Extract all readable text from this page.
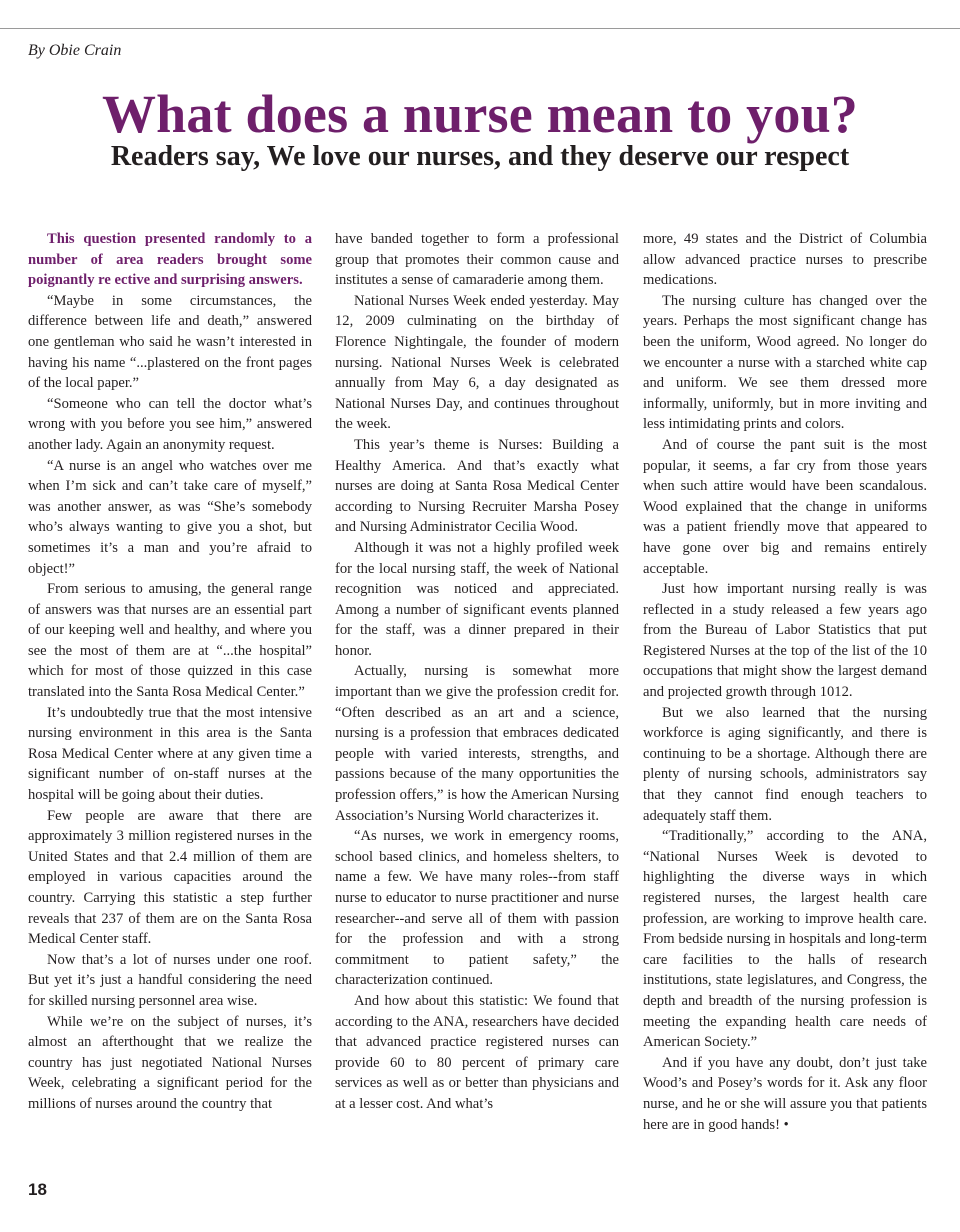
By Obie Crain
What does a nurse mean to you?
Readers say, We love our nurses, and they deserve our respect

This question presented randomly to a number of area readers brought some poignantly re ective and surprising answers.

“Maybe in some circumstances, the difference between life and death,” answered one gentleman who said he wasn’t interested in having his name “...plastered on the front pages of the local paper.”

“Someone who can tell the doctor what’s wrong with you before you see him,” answered another lady. Again an anonymity request.

“A nurse is an angel who watches over me when I’m sick and can’t take care of myself,” was another answer, as was “She’s somebody who’s always wanting to give you a shot, but sometimes it’s a man and you’re afraid to object!”

From serious to amusing, the general range of answers was that nurses are an essential part of our keeping well and healthy, and where you see the most of them are at “...the hospital” which for most of those quizzed in this case translated into the Santa Rosa Medical Center.”

It’s undoubtedly true that the most intensive nursing environment in this area is the Santa Rosa Medical Center where at any given time a significant number of on-staff nurses at the hospital will be going about their duties.

Few people are aware that there are approximately 3 million registered nurses in the United States and that 2.4 million of them are employed in various capacities around the country. Carrying this statistic a step further reveals that 237 of them are on the Santa Rosa Medical Center staff.

Now that’s a lot of nurses under one roof. But yet it’s just a handful considering the need for skilled nursing personnel area wise.

While we’re on the subject of nurses, it’s almost an afterthought that we realize the country has just negotiated National Nurses Week, celebrating a significant period for the millions of nurses around the country that

have banded together to form a professional group that promotes their common cause and institutes a sense of camaraderie among them.

National Nurses Week ended yesterday. May 12, 2009 culminating on the birthday of Florence Nightingale, the founder of modern nursing. National Nurses Week is celebrated annually from May 6, a day designated as National Nurses Day, and continues throughout the week.

This year’s theme is Nurses: Building a Healthy America. And that’s exactly what nurses are doing at Santa Rosa Medical Center according to Nursing Recruiter Marsha Posey and Nursing Administrator Cecilia Wood.

Although it was not a highly profiled week for the local nursing staff, the week of National recognition was noticed and appreciated. Among a number of significant events planned for the staff, was a dinner prepared in their honor.

Actually, nursing is somewhat more important than we give the profession credit for. “Often described as an art and a science, nursing is a profession that embraces dedicated people with varied interests, strengths, and passions because of the many opportunities the profession offers,” is how the American Nursing Association’s Nursing World characterizes it.

“As nurses, we work in emergency rooms, school based clinics, and homeless shelters, to name a few. We have many roles--from staff nurse to educator to nurse practitioner and nurse researcher--and serve all of them with passion for the profession and with a strong commitment to patient safety,” the characterization continued.

And how about this statistic: We found that according to the ANA, researchers have decided that advanced practice registered nurses can provide 60 to 80 percent of primary care services as well as or better than physicians and at a lesser cost. And what’s

more, 49 states and the District of Columbia allow advanced practice nurses to prescribe medications.

The nursing culture has changed over the years. Perhaps the most significant change has been the uniform, Wood agreed. No longer do we encounter a nurse with a starched white cap and uniform. We see them dressed more informally, uniformly, but in more inviting and less intimidating prints and colors.

And of course the pant suit is the most popular, it seems, a far cry from those years when such attire would have been scandalous. Wood explained that the change in uniforms was a patient friendly move that appeared to have gone over big and remains entirely acceptable.

Just how important nursing really is was reflected in a study released a few years ago from the Bureau of Labor Statistics that put Registered Nurses at the top of the list of the 10 occupations that might show the largest demand and projected growth through 1012.

But we also learned that the nursing workforce is aging significantly, and there is continuing to be a shortage. Although there are plenty of nursing schools, administrators say that they cannot find enough teachers to adequately staff them.

“Traditionally,” according to the ANA, “National Nurses Week is devoted to highlighting the diverse ways in which registered nurses, the largest health care profession, are working to improve health care. From bedside nursing in hospitals and long-term care facilities to the halls of research institutions, state legislatures, and Congress, the depth and breadth of the nursing profession is meeting the expanding health care needs of American Society.”

And if you have any doubt, don’t just take Wood’s and Posey’s words for it. Ask any floor nurse, and he or she will assure you that patients here are in good hands! •

18
